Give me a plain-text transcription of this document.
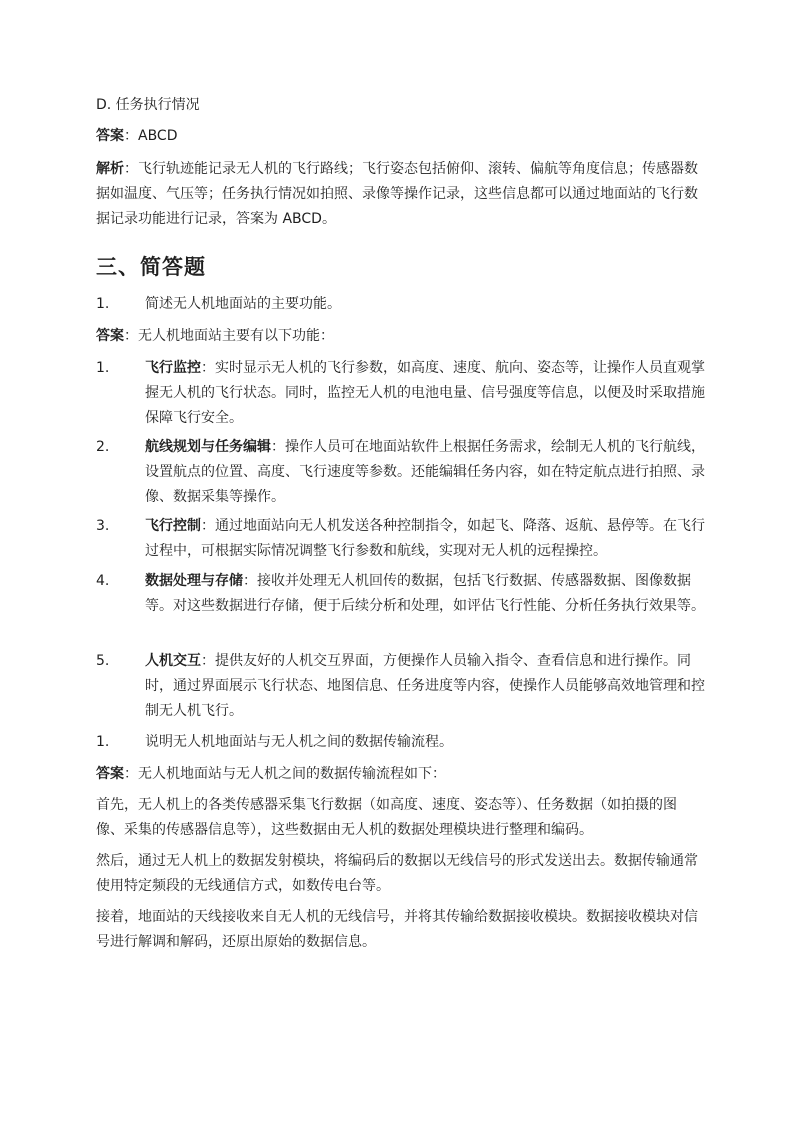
D. 任务执行情况

答案：ABCD

解析：飞行轨迹能记录无人机的飞行路线；飞行姿态包括俯仰、滚转、偏航等角度信息；传感器数据如温度、气压等；任务执行情况如拍照、录像等操作记录，这些信息都可以通过地面站的飞行数据记录功能进行记录，答案为 ABCD。

三、简答题
1.	简述无人机地面站的主要功能。

答案：无人机地面站主要有以下功能：

1.	飞行监控：实时显示无人机的飞行参数，如高度、速度、航向、姿态等，让操作人员直观掌握无人机的飞行状态。同时，监控无人机的电池电量、信号强度等信息，以便及时采取措施保障飞行安全。

2.	航线规划与任务编辑：操作人员可在地面站软件上根据任务需求，绘制无人机的飞行航线，设置航点的位置、高度、飞行速度等参数。还能编辑任务内容，如在特定航点进行拍照、录像、数据采集等操作。

3.	飞行控制：通过地面站向无人机发送各种控制指令，如起飞、降落、返航、悬停等。在飞行过程中，可根据实际情况调整飞行参数和航线，实现对无人机的远程操控。

4.	数据处理与存储：接收并处理无人机回传的数据，包括飞行数据、传感器数据、图像数据等。对这些数据进行存储，便于后续分析和处理，如评估飞行性能、分析任务执行效果等。

5.	人机交互：提供友好的人机交互界面，方便操作人员输入指令、查看信息和进行操作。同时，通过界面展示飞行状态、地图信息、任务进度等内容，使操作人员能够高效地管理和控制无人机飞行。

1.	说明无人机地面站与无人机之间的数据传输流程。

答案：无人机地面站与无人机之间的数据传输流程如下：

首先，无人机上的各类传感器采集飞行数据（如高度、速度、姿态等）、任务数据（如拍摄的图像、采集的传感器信息等），这些数据由无人机的数据处理模块进行整理和编码。

然后，通过无人机上的数据发射模块，将编码后的数据以无线信号的形式发送出去。数据传输通常使用特定频段的无线通信方式，如数传电台等。

接着，地面站的天线接收来自无人机的无线信号，并将其传输给数据接收模块。数据接收模块对信号进行解调和解码，还原出原始的数据信息。
